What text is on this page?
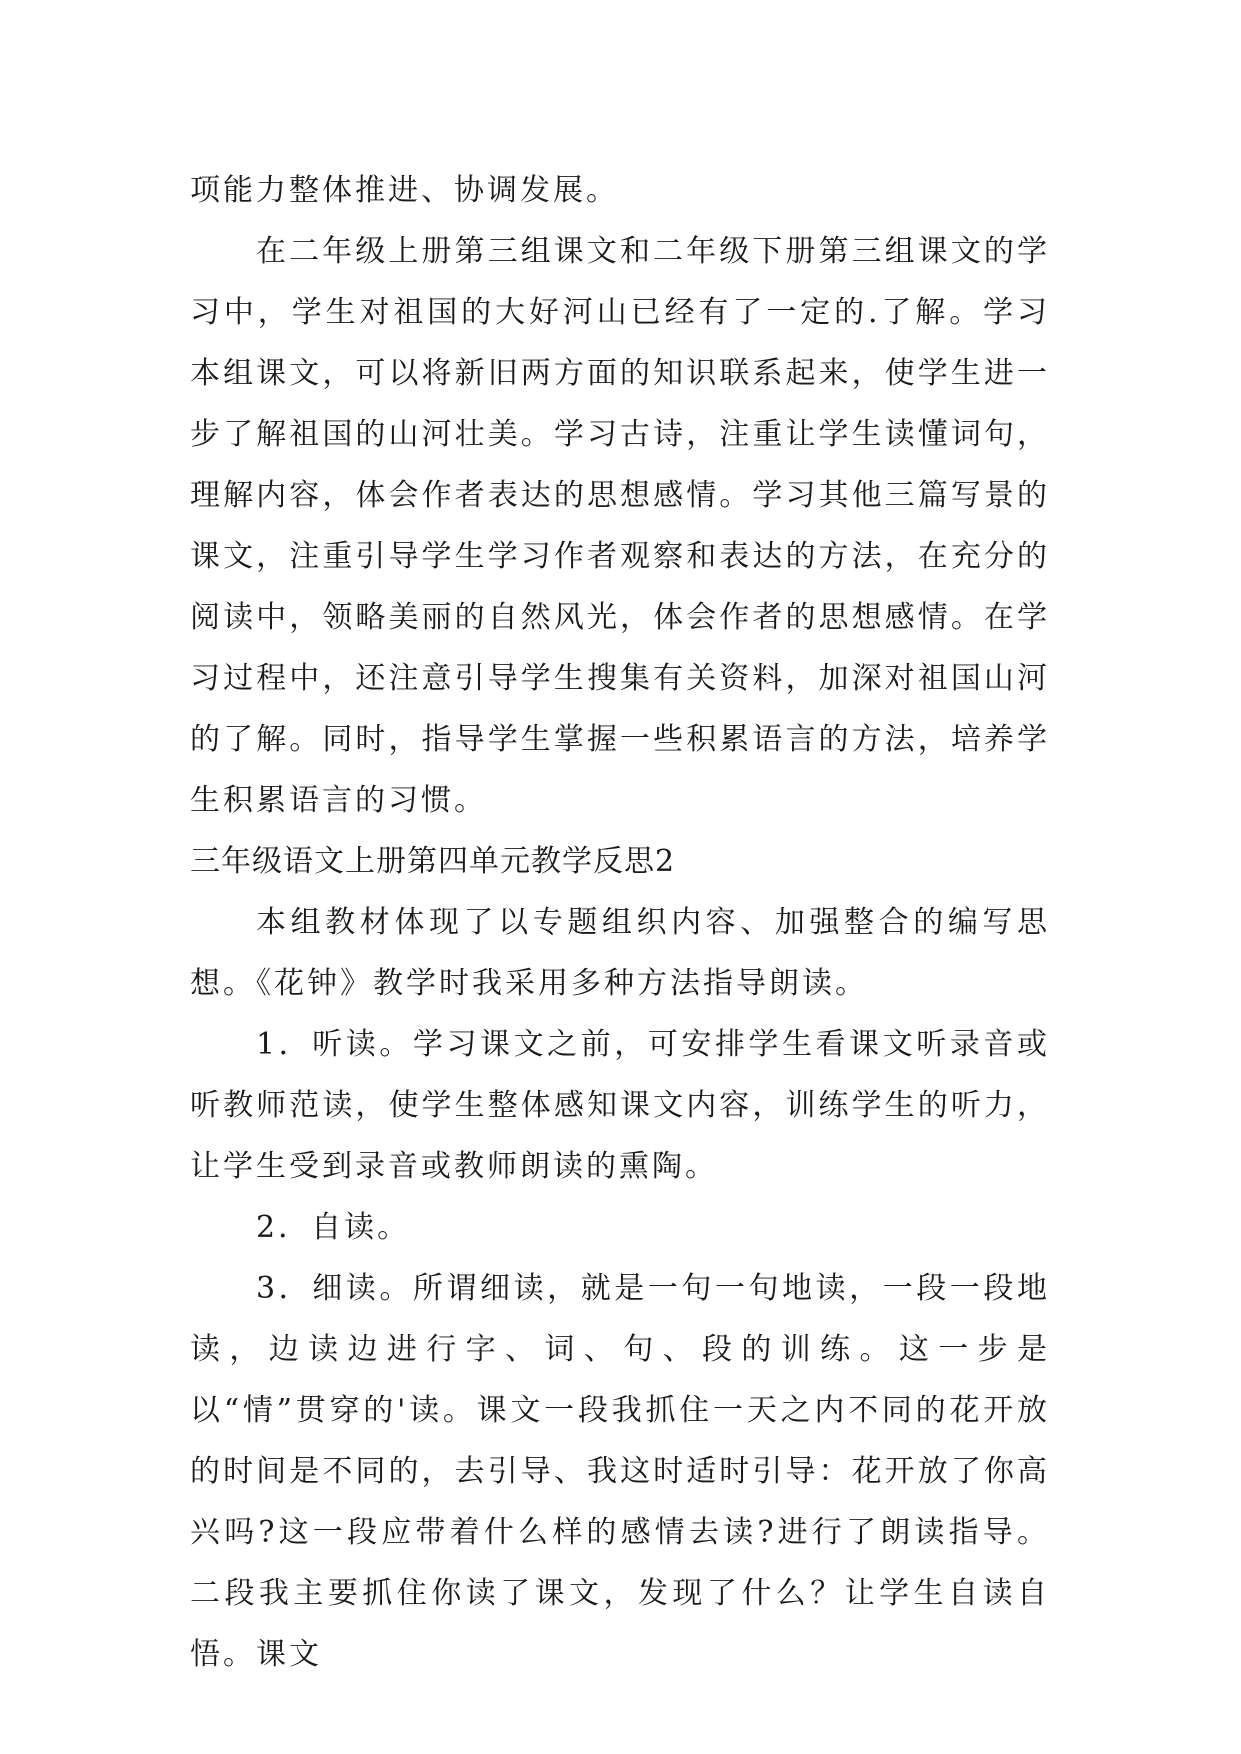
项能力整体推进、协调发展。

在二年级上册第三组课文和二年级下册第三组课文的学习中，学生对祖国的大好河山已经有了一定的.了解。学习本组课文，可以将新旧两方面的知识联系起来，使学生进一步了解祖国的山河壮美。学习古诗，注重让学生读懂词句，理解内容，体会作者表达的思想感情。学习其他三篇写景的课文，注重引导学生学习作者观察和表达的方法，在充分的阅读中，领略美丽的自然风光，体会作者的思想感情。在学习过程中，还注意引导学生搜集有关资料，加深对祖国山河的了解。同时，指导学生掌握一些积累语言的方法，培养学生积累语言的习惯。

三年级语文上册第四单元教学反思2

本组教材体现了以专题组织内容、加强整合的编写思想。《花钟》教学时我采用多种方法指导朗读。

1．听读。学习课文之前，可安排学生看课文听录音或听教师范读，使学生整体感知课文内容，训练学生的听力，让学生受到录音或教师朗读的熏陶。

2．自读。

3．细读。所谓细读，就是一句一句地读，一段一段地读，边读边进行字、词、句、段的训练。这一步是以“情”贯穿的'读。课文一段我抓住一天之内不同的花开放的时间是不同的，去引导、我这时适时引导：花开放了你高兴吗?这一段应带着什么样的感情去读?进行了朗读指导。二段我主要抓住你读了课文，发现了什么？让学生自读自悟。课文
